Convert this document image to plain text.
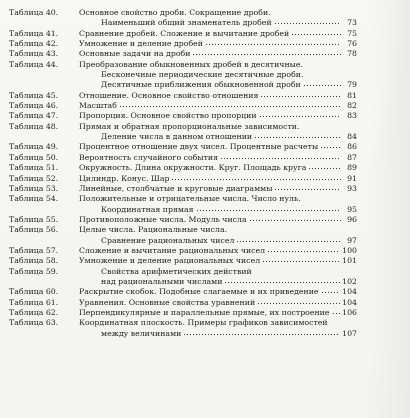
Таблица 40.	Основное свойство дроби. Сокращение дроби.
Наименьший общий знаменатель дробей	73
Таблица 41.	Сравнение дробей. Сложение и вычитание дробей	75
Таблица 42.	Умножение и деление дробей	76
Таблица 43.	Основные задачи на дроби	78
Таблица 44.	Преобразование обыкновенных дробей в десятичные.
Бесконечные периодические десятичные дроби.
Десятичные приближения обыкновенной дроби	79
Таблица 45.	Отношение. Основное свойство отношения	81
Таблица 46.	Масштаб	82
Таблица 47.	Пропорция. Основное свойство пропорции	83
Таблица 48.	Прямая и обратная пропорциональные зависимости.
Деление числа в данном отношении	84
Таблица 49.	Процентное отношение двух чисел. Процентные расчеты	86
Таблица 50.	Вероятность случайного события	87
Таблица 51.	Окружность. Длина окружности. Круг. Площадь круга	89
Таблица 52.	Цилиндр. Конус. Шар	91
Таблица 53.	Линейные, столбчатые и круговые диаграммы	93
Таблица 54.	Положительные и отрицательные числа. Число нуль.
Координатная прямая	95
Таблица 55.	Противоположные числа. Модуль числа	96
Таблица 56.	Целые числа. Рациональные числа.
Сравнение рациональных чисел	97
Таблица 57.	Сложение и вычитание рациональных чисел	100
Таблица 58.	Умножение и деление рациональных чисел	101
Таблица 59.	Свойства арифметических действий
над рациональными числами	102
Таблица 60.	Раскрытие скобок. Подобные слагаемые и их приведение	104
Таблица 61.	Уравнения. Основные свойства уравнений	104
Таблица 62.	Перпендикулярные и параллельные прямые, их построение 106
Таблица 63.	Координатная плоскость. Примеры графиков зависимостей
между величинами	107
